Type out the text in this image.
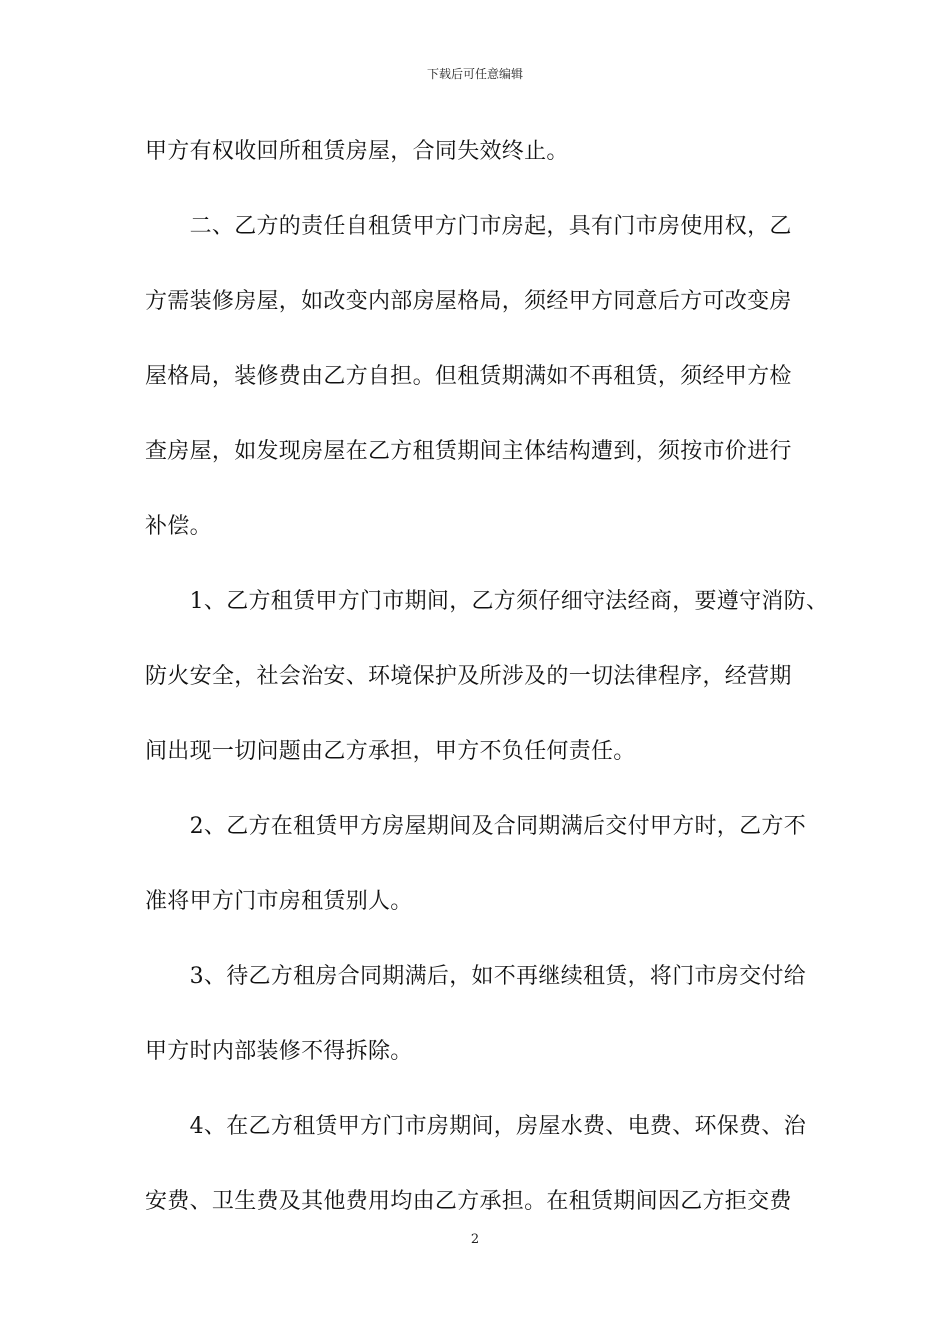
下载后可任意编辑
甲方有权收回所租赁房屋，合同失效终止。
　　二、乙方的责任自租赁甲方门市房起，具有门市房使用权，乙
方需装修房屋，如改变内部房屋格局，须经甲方同意后方可改变房
屋格局，装修费由乙方自担。但租赁期满如不再租赁，须经甲方检
查房屋，如发现房屋在乙方租赁期间主体结构遭到，须按市价进行
补偿。
　　1、乙方租赁甲方门市期间，乙方须仔细守法经商，要遵守消防、
防火安全，社会治安、环境保护及所涉及的一切法律程序，经营期
间出现一切问题由乙方承担，甲方不负任何责任。
　　2、乙方在租赁甲方房屋期间及合同期满后交付甲方时，乙方不
准将甲方门市房租赁别人。
　　3、待乙方租房合同期满后，如不再继续租赁，将门市房交付给
甲方时内部装修不得拆除。
　　4、在乙方租赁甲方门市房期间，房屋水费、电费、环保费、治
安费、卫生费及其他费用均由乙方承担。在租赁期间因乙方拒交费
2
